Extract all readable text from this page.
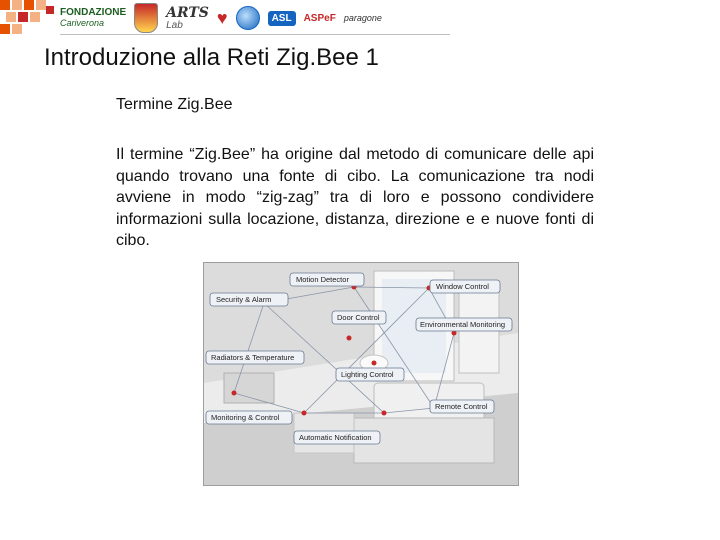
FONDAZIONE
Cariverona
ARTS
Lab	♥	ASL	ASPeF paragone
Introduzione alla Reti Zig.Bee 1
Termine Zig.Bee
Il termine “Zig.Bee” ha origine dal metodo di comunicare delle api quando trovano una fonte di cibo. La comunicazione tra nodi avviene in modo “zig-zag” tra di loro e possono condividere informazioni sulla locazione, distanza, direzione e e nuove fonti di cibo.
Motion Detector
Window Control
Security & Alarm
Door Control
Environmental Monitoring
Radiators & Temperature
Lighting Control
Remote Control
Monitoring & Control
Automatic Notification
